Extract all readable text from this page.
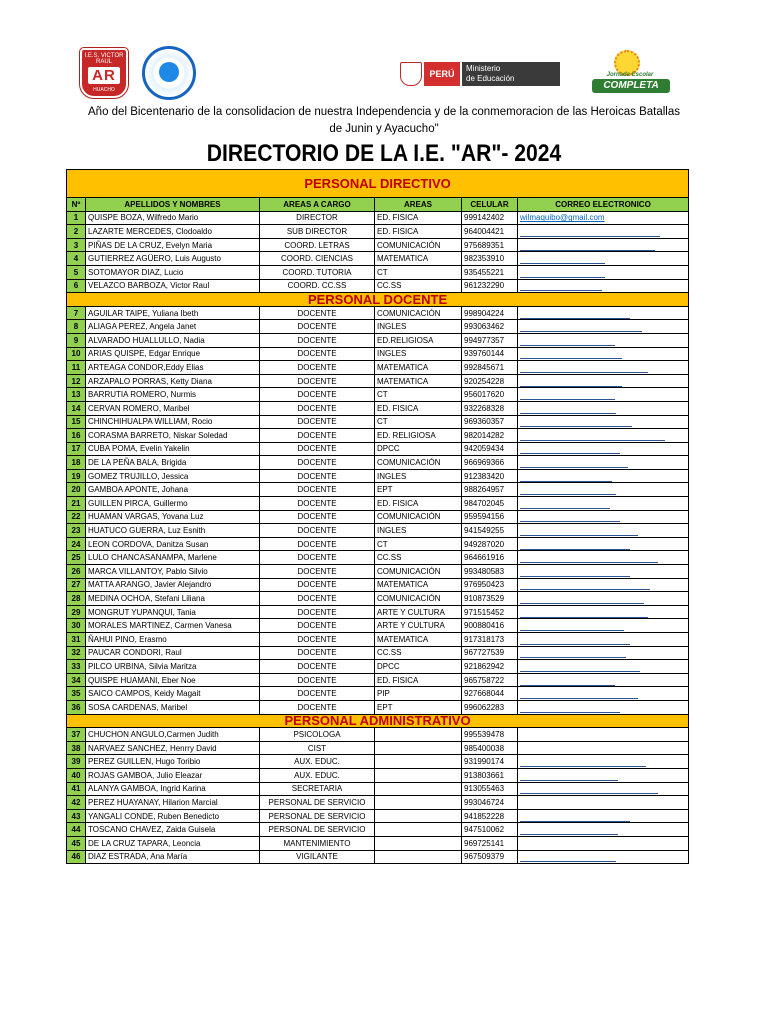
I.E.S. VICTOR RAUL
AR
HUACHO
PERÚ
Ministerio
de Educación	Jornada Escolar
COMPLETA
Año del Bicentenario de la consolidacion de nuestra Independencia y de la conmemoracion de las Heroicas Batallas
de Junin y Ayacucho"
DIRECTORIO DE LA I.E. "AR"- 2024
PERSONAL DIRECTIVO					
Nº	APELLIDOS Y NOMBRES	AREAS A CARGO	AREAS	CELULAR	CORREO ELECTRONICO
1	QUISPE BOZA, Wilfredo Mario	DIRECTOR	ED. FISICA	999142402	wilmaquibo@gmail.com
2	LAZARTE MERCEDES, Clodoaldo	SUB DIRECTOR	ED. FISICA	964004421	
3	PIÑAS DE LA CRUZ, Evelyn Maria	COORD. LETRAS	COMUNICACIÓN	975689351	
4	GUTIERREZ AGÜERO, Luis Augusto	COORD. CIENCIAS	MATEMATICA	982353910	
5	SOTOMAYOR DIAZ, Lucio	COORD. TUTORIA	CT	935455221	
6	VELAZCO BARBOZA, Victor Raul	COORD. CC.SS	CC.SS	961232290	
PERSONAL DOCENTE					
7	AGUILAR TAIPE, Yuliana Ibeth	DOCENTE	COMUNICACIÓN	998904224	
8	ALIAGA PEREZ, Angela Janet	DOCENTE	INGLES	993063462	
9	ALVARADO HUALLULLO, Nadia	DOCENTE	ED.RELIGIOSA	994977357	
10	ARIAS QUISPE, Edgar Enrique	DOCENTE	INGLES	939760144	
11	ARTEAGA CONDOR,Eddy Elias	DOCENTE	MATEMATICA	992845671	
12	ARZAPALO PORRAS, Ketty Diana	DOCENTE	MATEMATICA	920254228	
13	BARRUTIA ROMERO, Nurmis	DOCENTE	CT	956017620	
14	CERVAN ROMERO, Maribel	DOCENTE	ED. FISICA	932268328	
15	CHINCHIHUALPA WILLIAM, Rocio	DOCENTE	CT	969360357	
16	CORASMA BARRETO, Niskar Soledad	DOCENTE	ED. RELIGIOSA	982014282	
17	CUBA POMA, Evelin Yakelin	DOCENTE	DPCC	942059434	
18	DE LA PEÑA BALA, Brigida	DOCENTE	COMUNICACIÓN	966969366	
19	GOMEZ TRUJILLO, Jessica	DOCENTE	INGLES	912383420	
20	GAMBOA APONTE, Johana	DOCENTE	EPT	988264957	
21	GUILLEN PIRCA, Guillermo	DOCENTE	ED. FISICA	984702045	
22	HUAMAN VARGAS, Yovana Luz	DOCENTE	COMUNICACIÓN	959594156	
23	HUATUCO GUERRA, Luz Esnith	DOCENTE	INGLES	941549255	
24	LEON CORDOVA, Danitza Susan	DOCENTE	CT	949287020	
25	LULO CHANCASANAMPA, Marlene	DOCENTE	CC.SS	964661916	
26	MARCA VILLANTOY, Pablo Silvio	DOCENTE	COMUNICACIÓN	993480583	
27	MATTA ARANGO, Javier Alejandro	DOCENTE	MATEMATICA	976950423	
28	MEDINA OCHOA, Stefani Liliana	DOCENTE	COMUNICACIÓN	910873529	
29	MONGRUT YUPANQUI, Tania	DOCENTE	ARTE Y CULTURA	971515452	
30	MORALES MARTINEZ, Carmen Vanesa	DOCENTE	ARTE Y CULTURA	900880416	
31	ÑAHUI PINO, Erasmo	DOCENTE	MATEMATICA	917318173	
32	PAUCAR CONDORI, Raul	DOCENTE	CC.SS	967727539	
33	PILCO URBINA, Silvia Maritza	DOCENTE	DPCC	921862942	
34	QUISPE HUAMANI, Eber Noe	DOCENTE	ED. FISICA	965758722	
35	SAICO CAMPOS, Keidy Magait	DOCENTE	PIP	927668044	
36	SOSA CARDENAS, Maribel	DOCENTE	EPT	996062283	
PERSONAL ADMINISTRATIVO					
37	CHUCHON ANGULO,Carmen Judith	PSICOLOGA		995539478	
38	NARVAEZ SANCHEZ, Henrry David	CIST		985400038	
39	PEREZ GUILLEN, Hugo Toribio	AUX. EDUC.		931990174	
40	ROJAS GAMBOA, Julio Eleazar	AUX. EDUC.		913803661	
41	ALANYA GAMBOA, Ingrid Karina	SECRETARIA		913055463	
42	PEREZ HUAYANAY, Hilarion Marcial	PERSONAL DE SERVICIO		993046724	
43	YANGALI CONDE, Ruben Benedicto	PERSONAL DE SERVICIO		941852228	
44	TOSCANO CHAVEZ, Zaida Guisela	PERSONAL DE SERVICIO		947510062	
45	DE LA CRUZ TAPARA, Leoncia	MANTENIMIENTO		969725141	
46	DIAZ ESTRADA, Ana María	VIGILANTE		967509379	
